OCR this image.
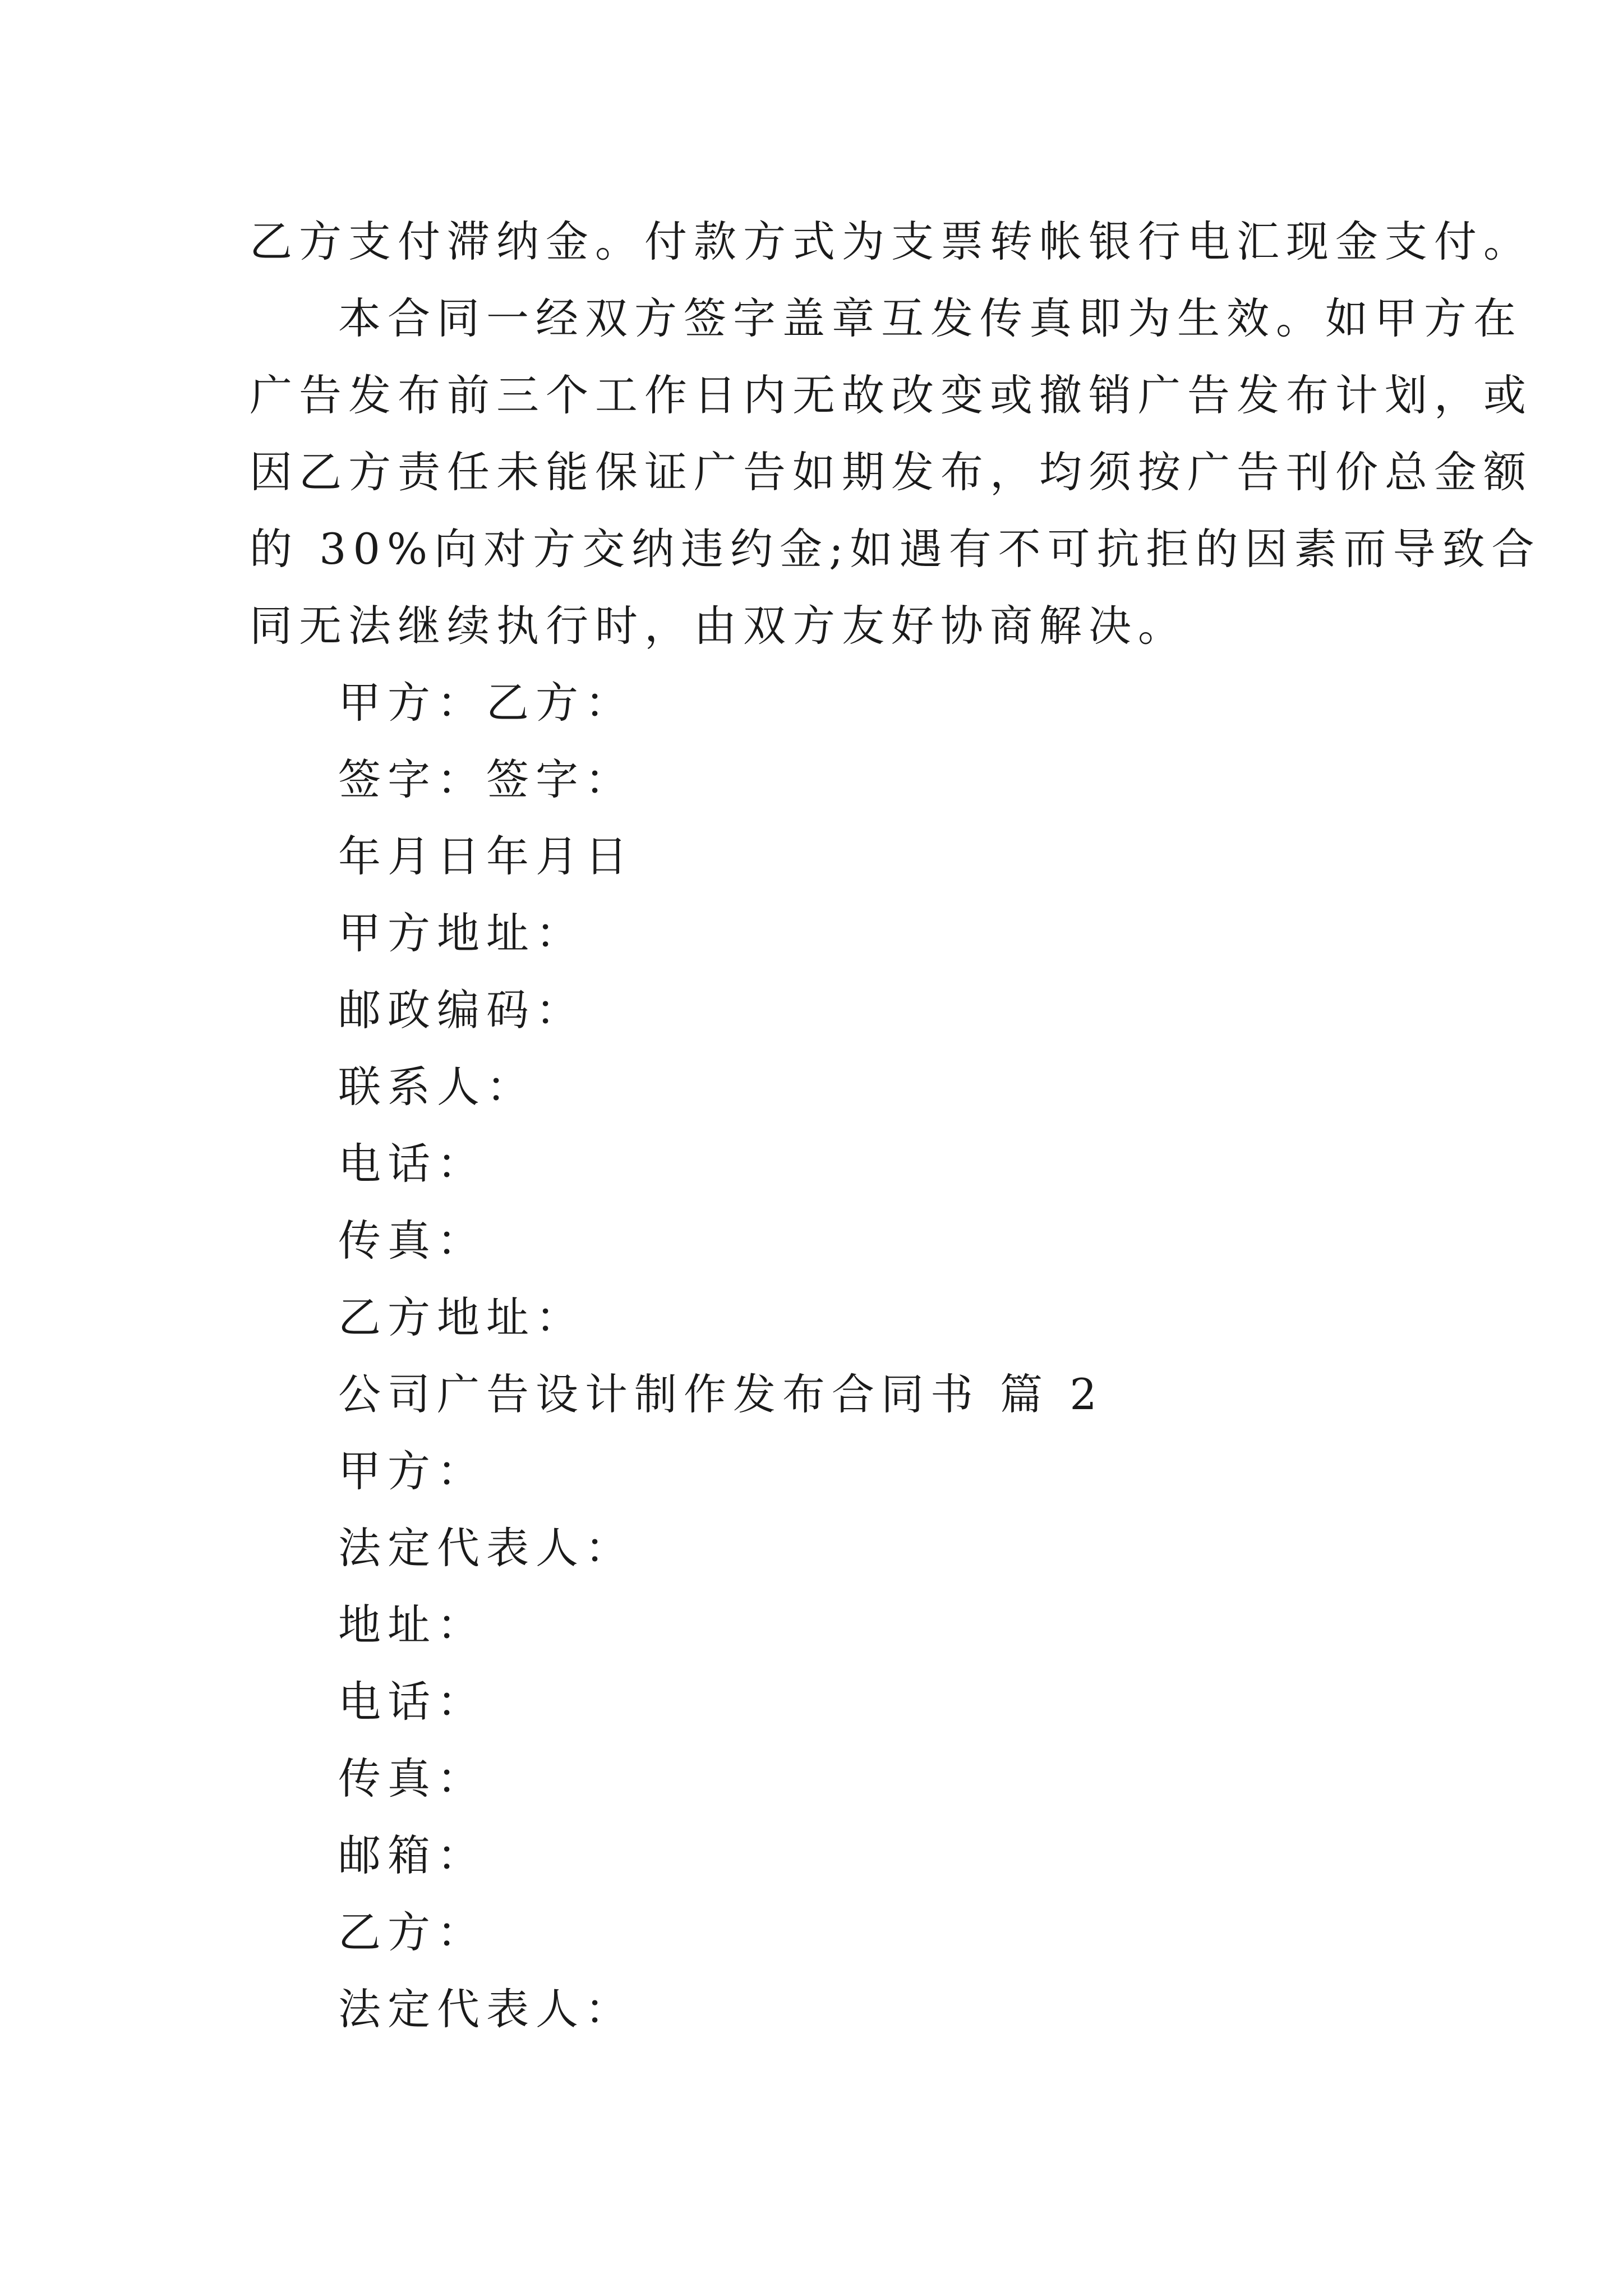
乙方支付滞纳金。付款方式为支票转帐银行电汇现金支付。

本合同一经双方签字盖章互发传真即为生效。如甲方在

广告发布前三个工作日内无故改变或撤销广告发布计划，或

因乙方责任未能保证广告如期发布，均须按广告刊价总金额

的 30%向对方交纳违约金;如遇有不可抗拒的因素而导致合

同无法继续执行时，由双方友好协商解决。

甲方：乙方：

签字：签字：

年月日年月日

甲方地址：

邮政编码：

联系人：

电话：

传真：

乙方地址：

公司广告设计制作发布合同书 篇 2

甲方：

法定代表人：

地址：

电话：

传真：

邮箱：

乙方：

法定代表人：
